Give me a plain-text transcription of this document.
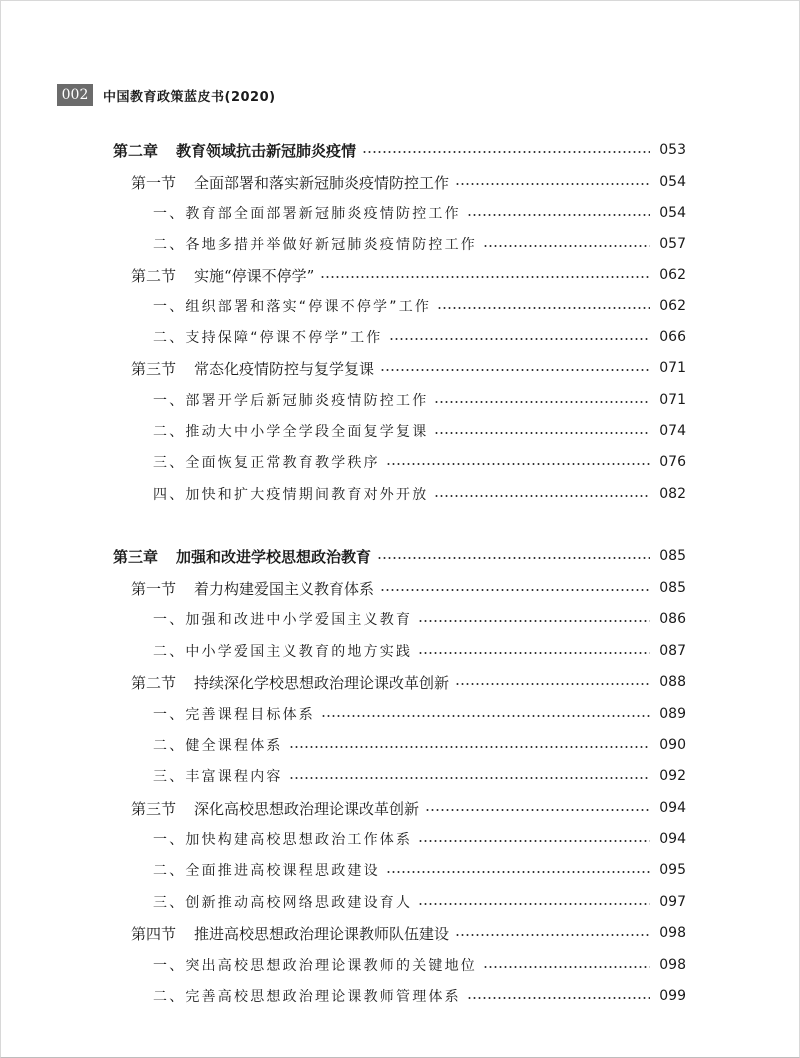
002	中国教育政策蓝皮书(2020)
第二章 教育领域抗击新冠肺炎疫情	053
第一节 全面部署和落实新冠肺炎疫情防控工作	054
一、教育部全面部署新冠肺炎疫情防控工作	054
二、各地多措并举做好新冠肺炎疫情防控工作	057
第二节 实施“停课不停学”	062
一、组织部署和落实“停课不停学”工作	062
二、支持保障“停课不停学”工作	066
第三节 常态化疫情防控与复学复课	071
一、部署开学后新冠肺炎疫情防控工作	071
二、推动大中小学全学段全面复学复课	074
三、全面恢复正常教育教学秩序	076
四、加快和扩大疫情期间教育对外开放	082
第三章 加强和改进学校思想政治教育	085
第一节 着力构建爱国主义教育体系	085
一、加强和改进中小学爱国主义教育	086
二、中小学爱国主义教育的地方实践	087
第二节 持续深化学校思想政治理论课改革创新	088
一、完善课程目标体系	089
二、健全课程体系	090
三、丰富课程内容	092
第三节 深化高校思想政治理论课改革创新	094
一、加快构建高校思想政治工作体系	094
二、全面推进高校课程思政建设	095
三、创新推动高校网络思政建设育人	097
第四节 推进高校思想政治理论课教师队伍建设	098
一、突出高校思想政治理论课教师的关键地位	098
二、完善高校思想政治理论课教师管理体系	099
